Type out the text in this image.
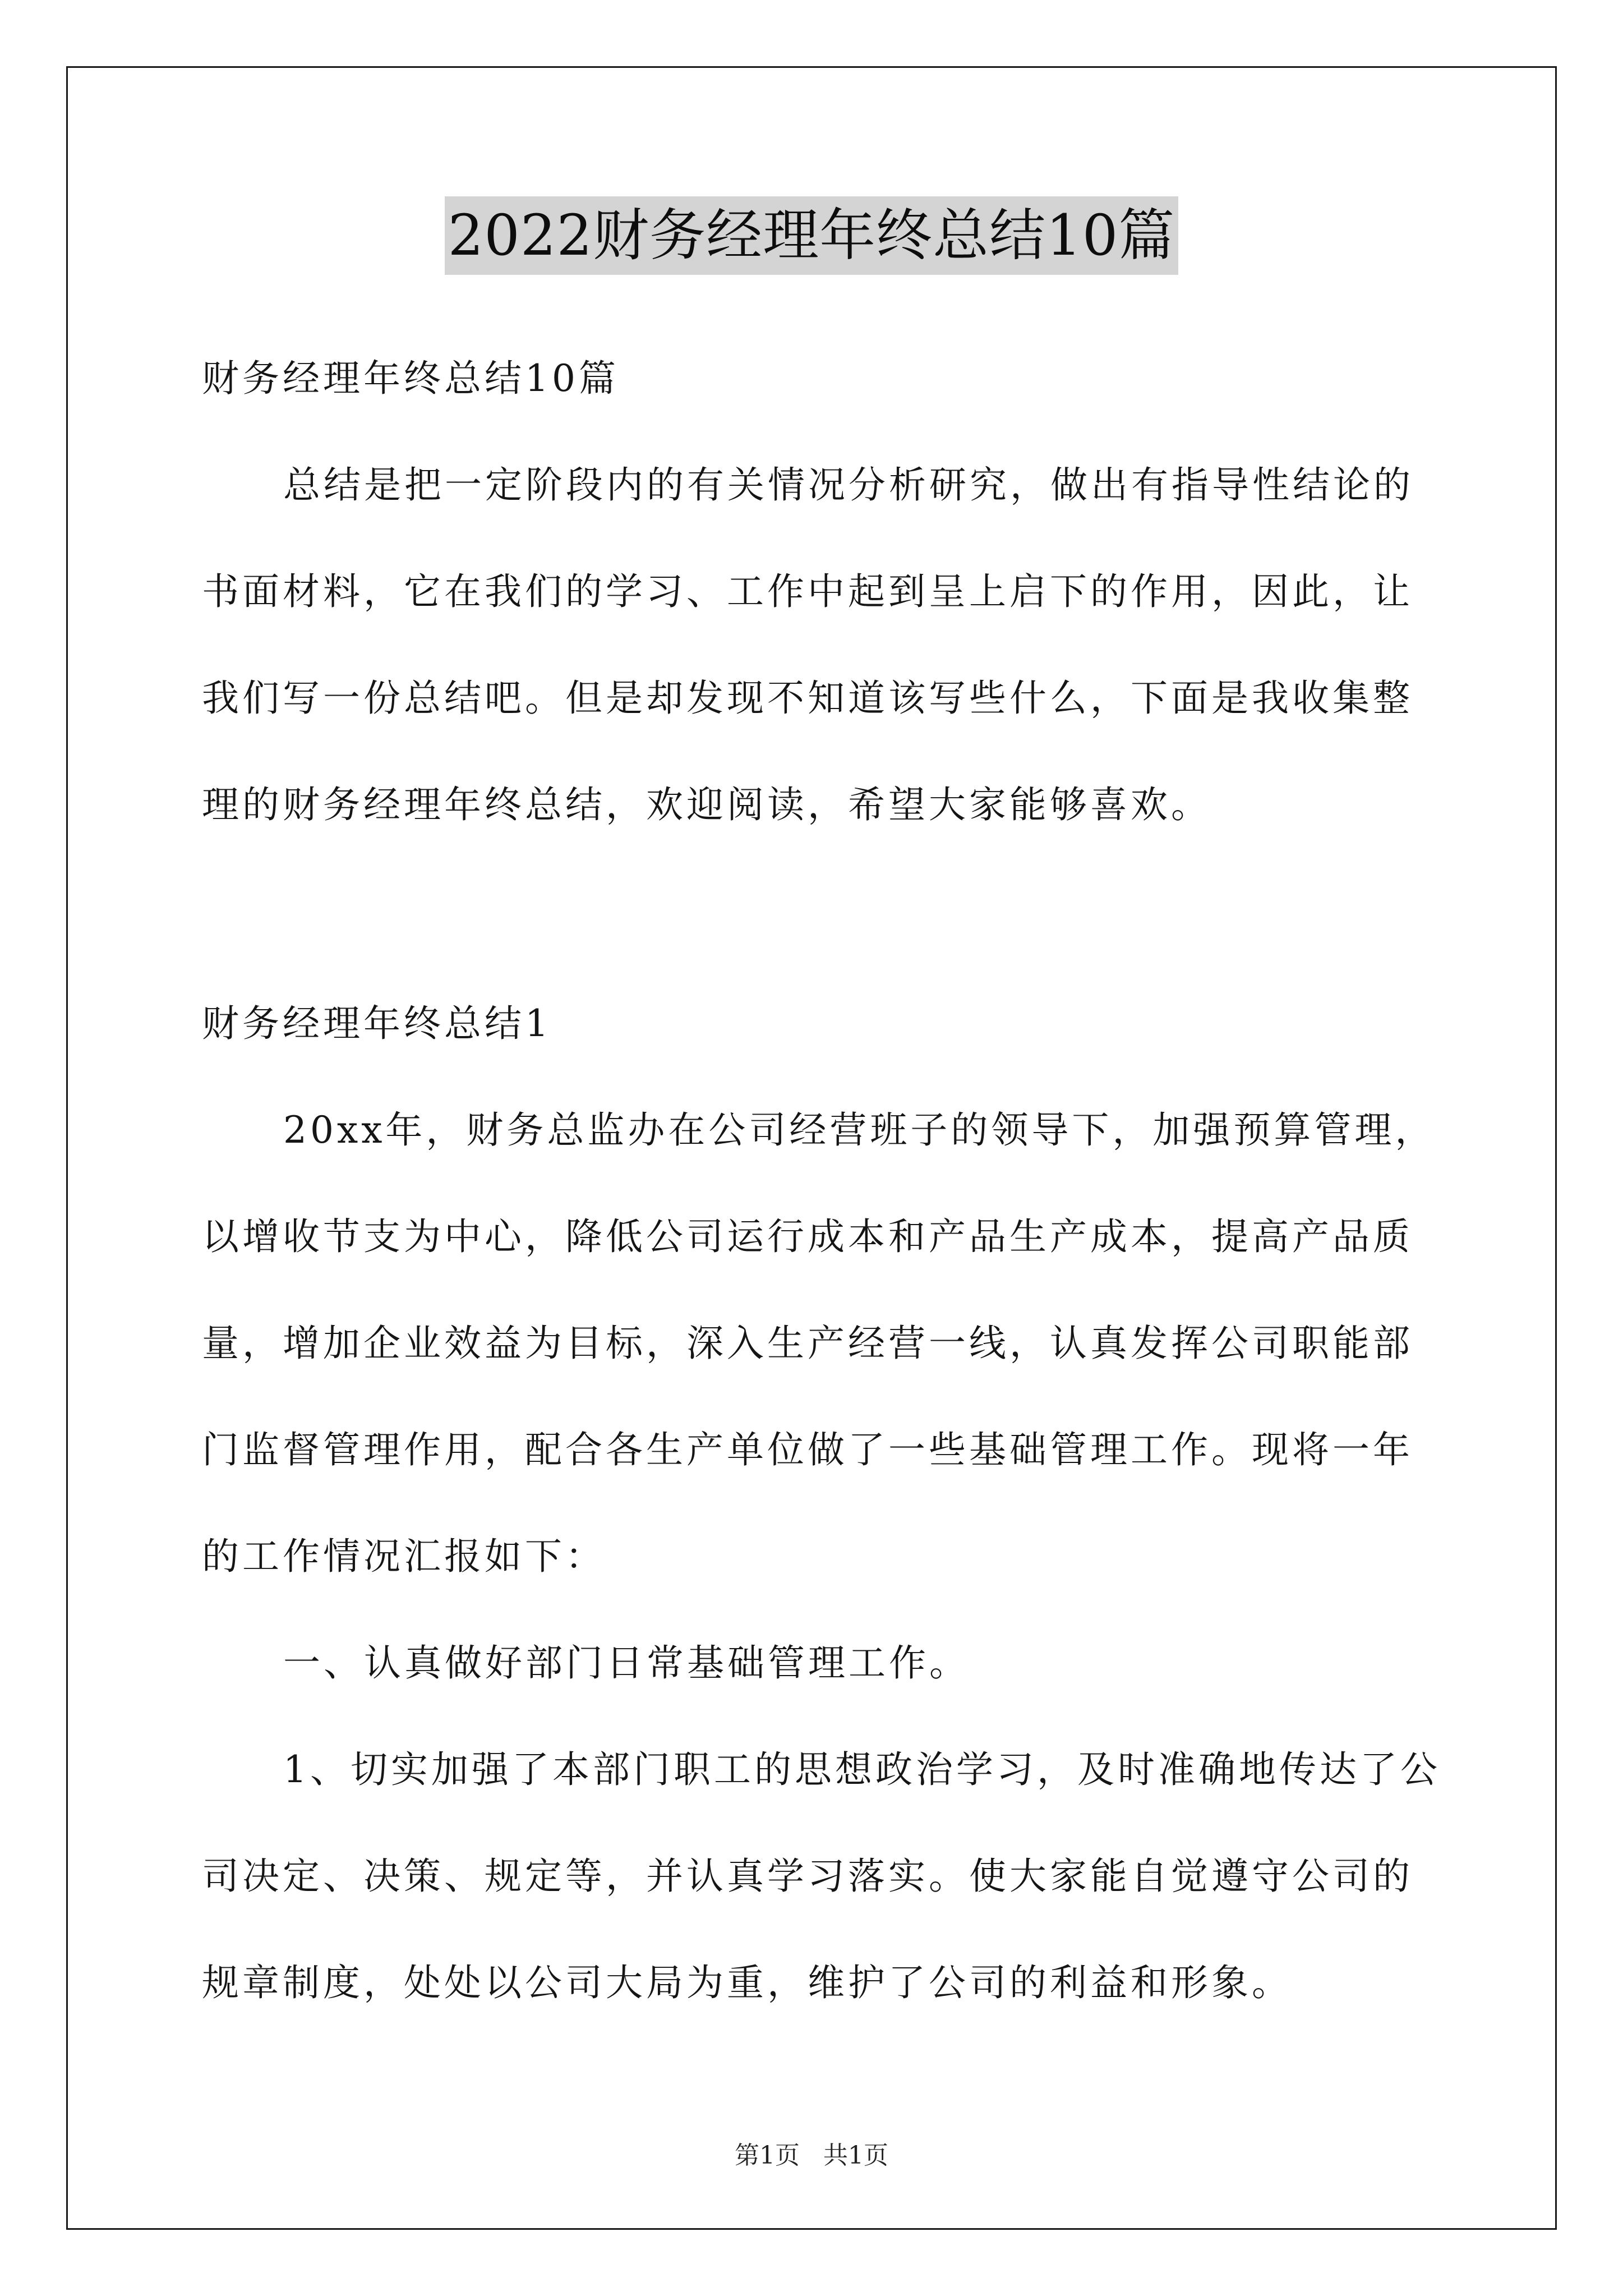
2022财务经理年终总结10篇
财务经理年终总结10篇
总结是把一定阶段内的有关情况分析研究，做出有指导性结论的
书面材料，它在我们的学习、工作中起到呈上启下的作用，因此，让
我们写一份总结吧。但是却发现不知道该写些什么，下面是我收集整
理的财务经理年终总结，欢迎阅读，希望大家能够喜欢。
财务经理年终总结1
20xx年，财务总监办在公司经营班子的领导下，加强预算管理，
以增收节支为中心，降低公司运行成本和产品生产成本，提高产品质
量，增加企业效益为目标，深入生产经营一线，认真发挥公司职能部
门监督管理作用，配合各生产单位做了一些基础管理工作。现将一年
的工作情况汇报如下：
一、认真做好部门日常基础管理工作。
1、切实加强了本部门职工的思想政治学习，及时准确地传达了公
司决定、决策、规定等，并认真学习落实。使大家能自觉遵守公司的
规章制度，处处以公司大局为重，维护了公司的利益和形象。
第1页 共1页
